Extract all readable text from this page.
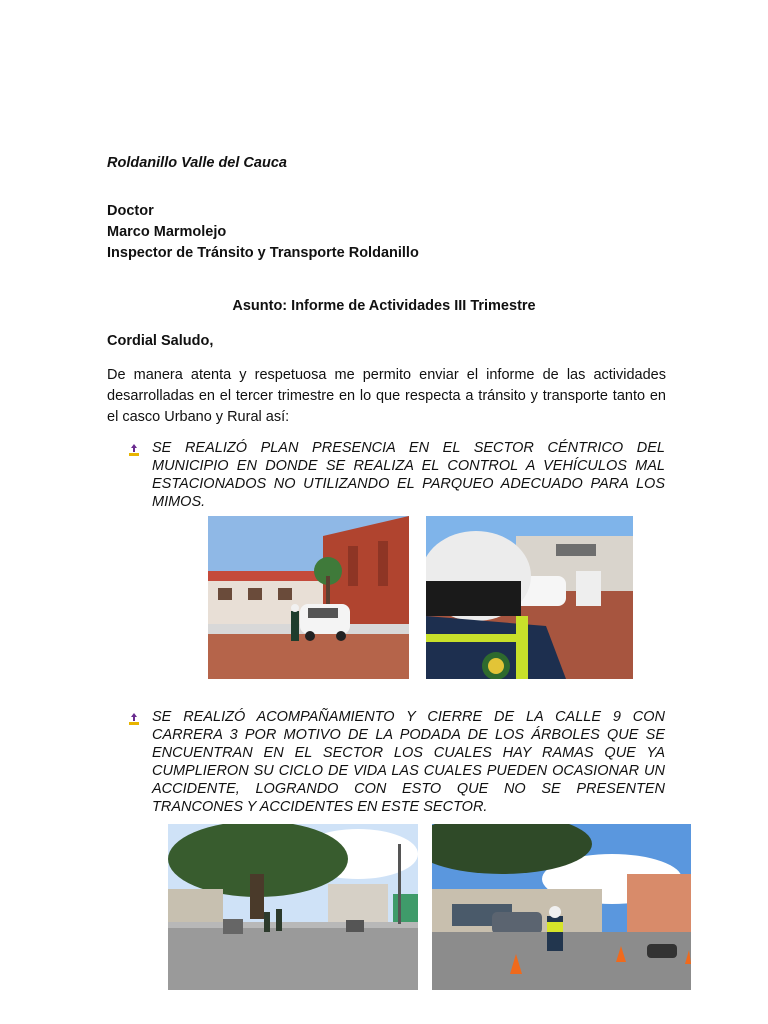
Roldanillo Valle del Cauca
Doctor
Marco Marmolejo
Inspector de Tránsito y Transporte Roldanillo
Asunto: Informe de Actividades III Trimestre
Cordial Saludo,
De manera atenta y respetuosa me permito enviar el informe de las actividades desarrolladas en el tercer trimestre en lo que respecta a tránsito y transporte tanto en el casco Urbano y Rural así:
SE REALIZÓ PLAN PRESENCIA EN EL SECTOR CÉNTRICO DEL MUNICIPIO EN DONDE SE REALIZA EL CONTROL A VEHÍCULOS MAL ESTACIONADOS NO UTILIZANDO EL PARQUEO ADECUADO PARA LOS MIMOS.
SE REALIZÓ ACOMPAÑAMIENTO Y CIERRE DE LA CALLE 9 CON CARRERA 3 POR MOTIVO DE LA PODADA DE LOS ÁRBOLES QUE SE ENCUENTRAN EN EL SECTOR LOS CUALES HAY RAMAS QUE YA CUMPLIERON SU CICLO DE VIDA LAS CUALES PUEDEN OCASIONAR UN ACCIDENTE, LOGRANDO CON ESTO QUE NO SE PRESENTEN TRANCONES Y ACCIDENTES EN ESTE SECTOR.
